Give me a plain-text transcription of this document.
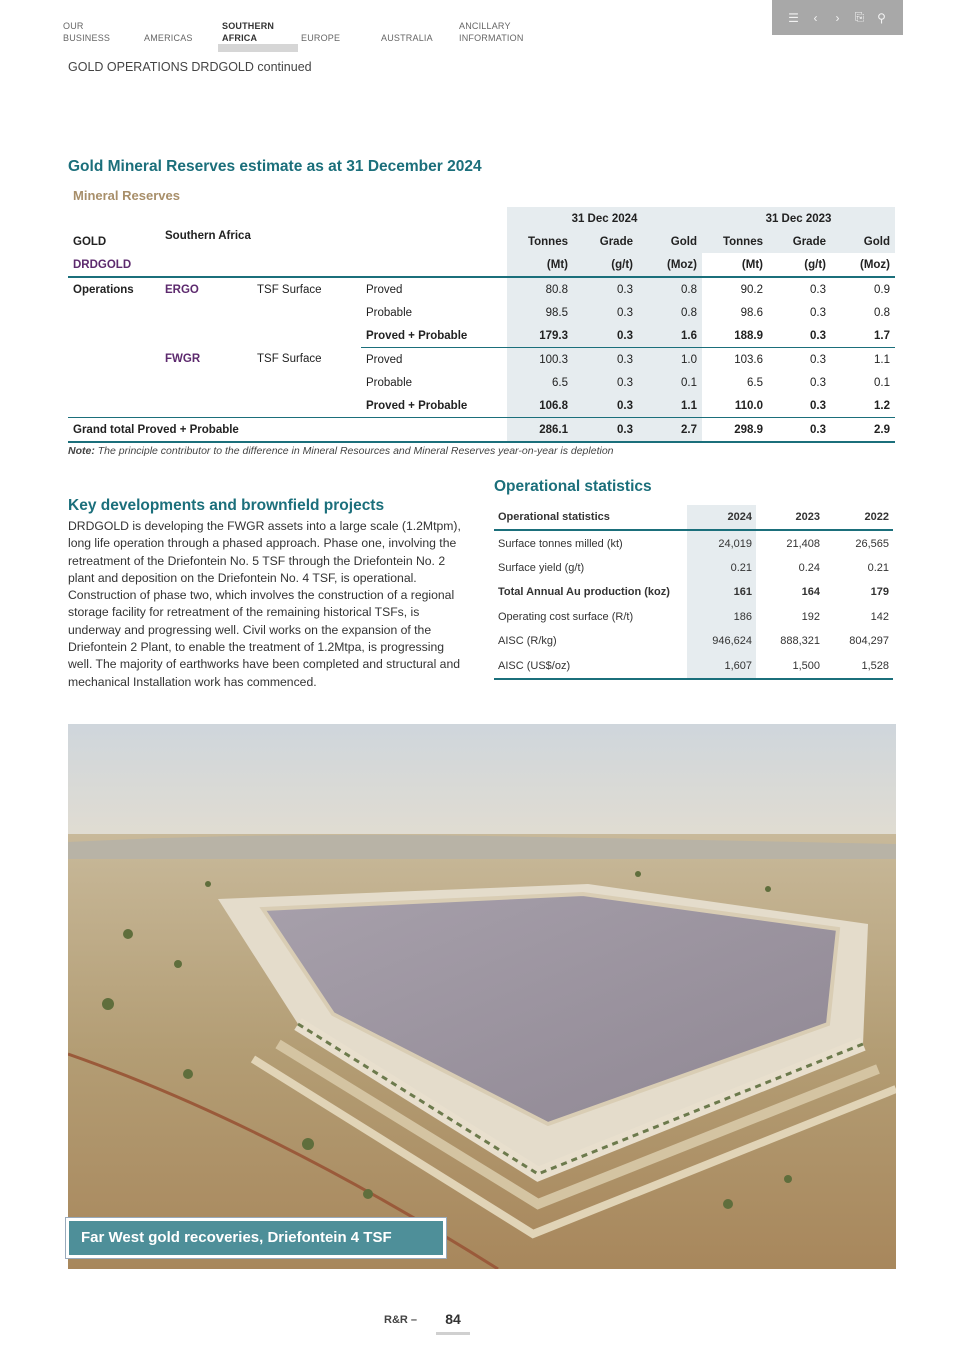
OUR
BUSINESS	AMERICAS
SOUTHERN
AFRICA	EUROPE	AUSTRALIA
ANCILLARY
INFORMATION
☰	‹	›	⎘ ⚲
GOLD OPERATIONS DRDGOLD continued
Gold Mineral Reserves estimate as at 31 December 2024
Mineral Reserves
				31 Dec 2024			31 Dec 2023		
GOLD	Southern Africa			Tonnes	Grade	Gold	Tonnes	Grade	Gold
DRDGOLD				(Mt)	(g/t)	(Moz)	(Mt)	(g/t)	(Moz)
Operations	ERGO	TSF Surface	Proved	80.8	0.3	0.8	90.2	0.3	0.9
			Probable	98.5	0.3	0.8	98.6	0.3	0.8
			Proved + Probable	179.3	0.3	1.6	188.9	0.3	1.7
	FWGR	TSF Surface	Proved	100.3	0.3	1.0	103.6	0.3	1.1
			Probable	6.5	0.3	0.1	6.5	0.3	0.1
			Proved + Probable	106.8	0.3	1.1	110.0	0.3	1.2
Grand total Proved + Probable				286.1	0.3	2.7	298.9	0.3	2.9
Note: The principle contributor to the difference in Mineral Resources and Mineral Reserves year-on-year is depletion
Key developments and brownfield projects

DRDGOLD is developing the FWGR assets into a large scale (1.2Mtpm), long life operation through a phased approach. Phase one, involving the retreatment of the Driefontein No. 5 TSF through the Driefontein No. 2 plant and deposition on the Driefontein No. 4 TSF, is operational. Construction of phase two, which involves the construction of a regional storage facility for retreatment of the remaining historical TSFs, is underway and progressing well. Civil works on the expansion of the Driefontein 2 Plant, to enable the treatment of 1.2Mtpa, is progressing well. The majority of earthworks have been completed and structural and mechanical Installation work has commenced.

Operational statistics
Operational statistics	2024	2023	2022
Surface tonnes milled (kt)	24,019	21,408	26,565
Surface yield (g/t)	0.21	0.24	0.21
Total Annual Au production (koz)	161	164	179
Operating cost surface (R/t)	186	192	142
AISC (R/kg)	946,624	888,321	804,297
AISC (US$/oz)	1,607	1,500	1,528
Far West gold recoveries, Driefontein 4 TSF
R&R –	84
